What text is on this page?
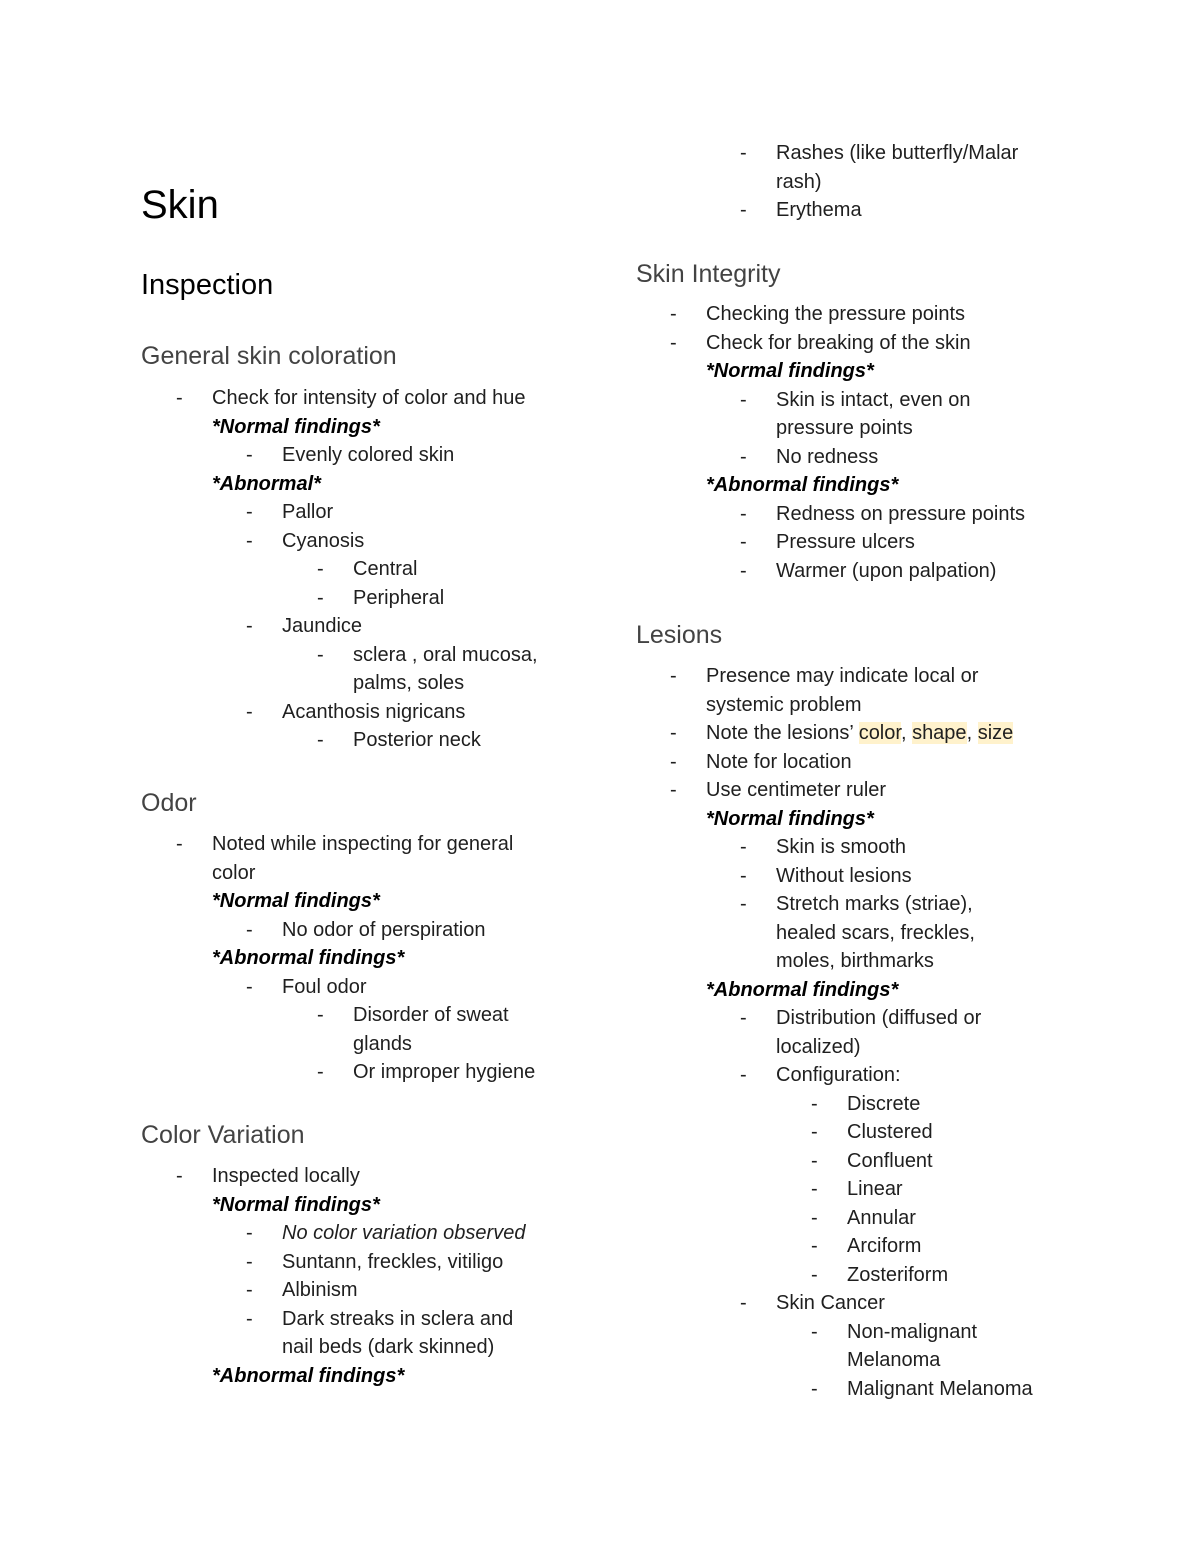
Skin
Inspection
General skin coloration
-	Check for intensity of color and hue
*Normal findings*
-	Evenly colored skin
*Abnormal*
-	Pallor
-	Cyanosis
-	Central
-	Peripheral
-	Jaundice
-	sclera , oral mucosa,
palms, soles
-	Acanthosis nigricans
-	Posterior neck
Odor
-	Noted while inspecting for general
color
*Normal findings*
-	No odor of perspiration
*Abnormal findings*
-	Foul odor
-	Disorder of sweat
glands
-	Or improper hygiene
Color Variation
-	Inspected locally
*Normal findings*
-	No color variation observed
-	Suntann, freckles, vitiligo
-	Albinism
-	Dark streaks in sclera and
nail beds (dark skinned)
*Abnormal findings*
-	Rashes (like butterfly/Malar
rash)
-	Erythema
Skin Integrity
-	Checking the pressure points
-	Check for breaking of the skin
*Normal findings*
-	Skin is intact, even on
pressure points
-	No redness
*Abnormal findings*
-	Redness on pressure points
-	Pressure ulcers
-	Warmer (upon palpation)
Lesions
-	Presence may indicate local or
systemic problem
-	Note the lesions’ color, shape, size
-	Note for location
-	Use centimeter ruler
*Normal findings*
-	Skin is smooth
-	Without lesions
-	Stretch marks (striae),
healed scars, freckles,
moles, birthmarks
*Abnormal findings*
-	Distribution (diffused or
localized)
-	Configuration:
-	Discrete
-	Clustered
-	Confluent
-	Linear
-	Annular
-	Arciform
-	Zosteriform
-	Skin Cancer
-	Non-malignant
Melanoma
-	Malignant Melanoma
